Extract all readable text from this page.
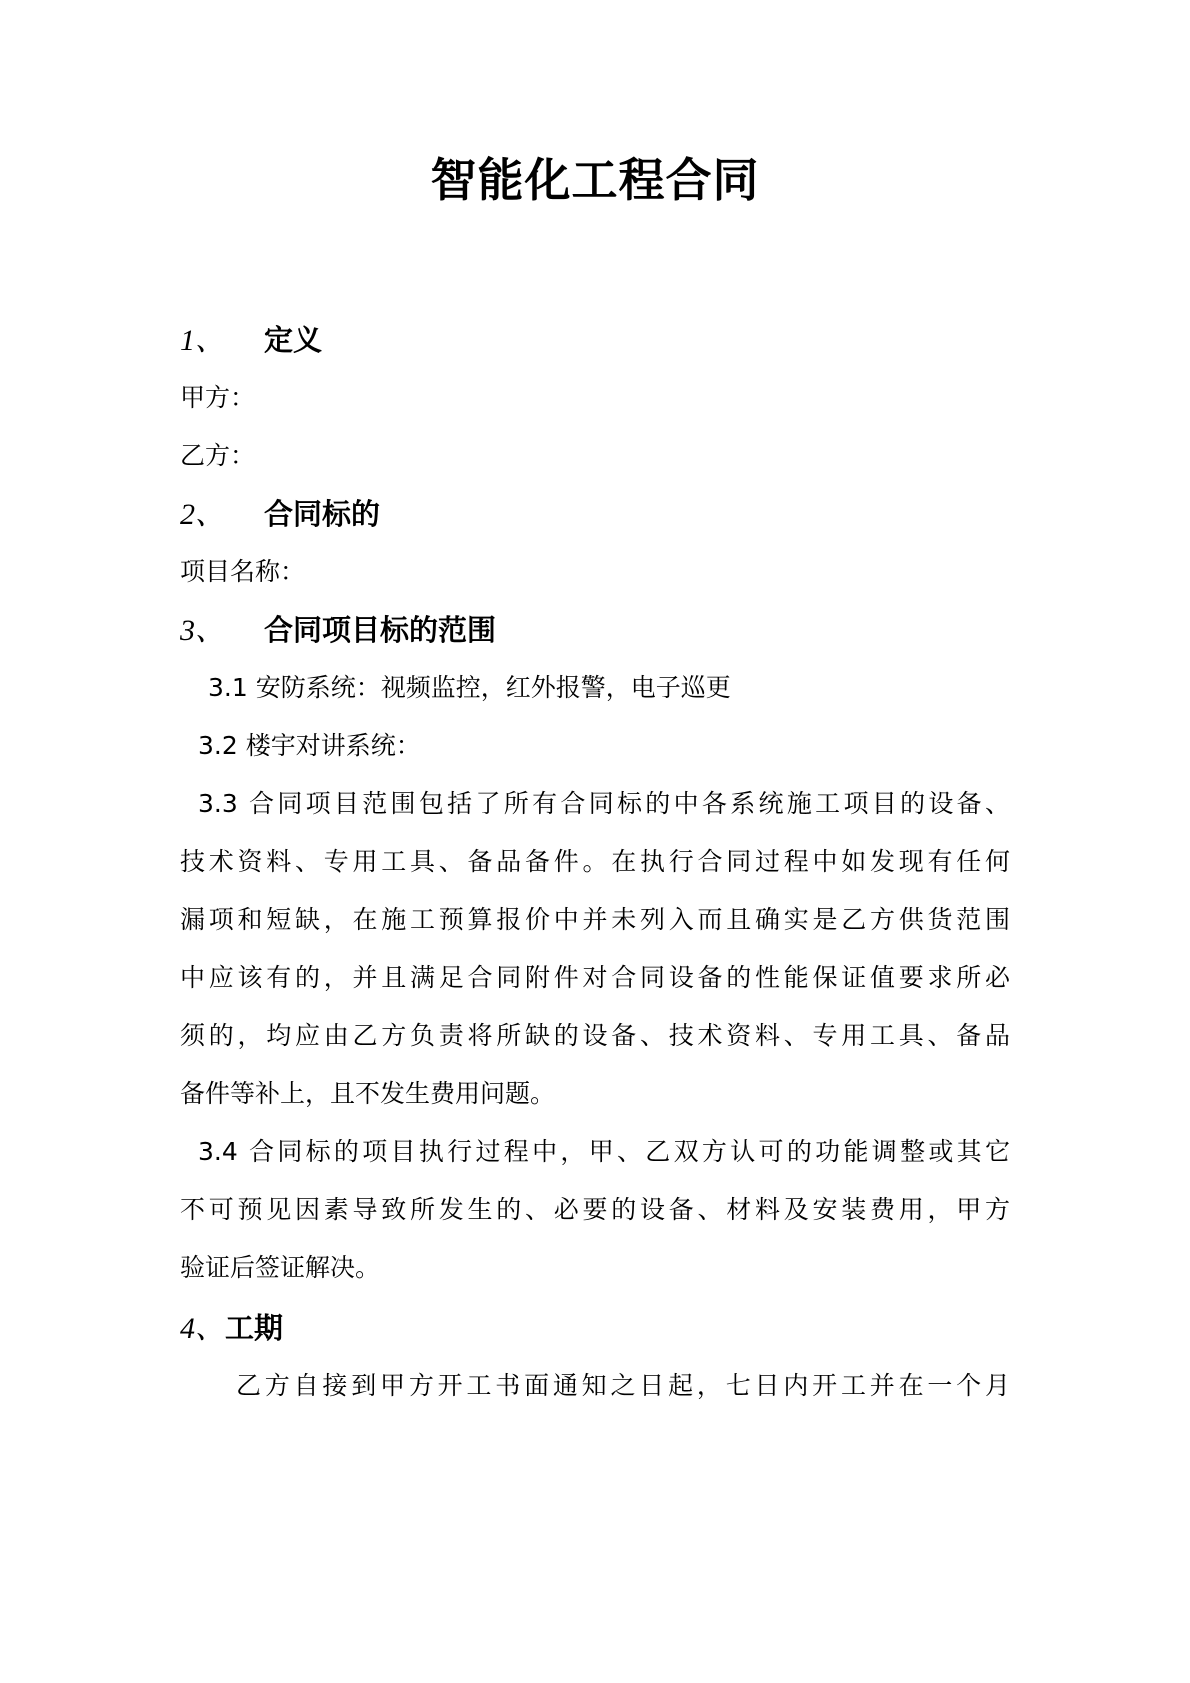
智能化工程合同
1、 定义
甲方：
乙方：
2、 合同标的
项目名称：
3、 合同项目标的范围
3.1 安防系统：视频监控，红外报警，电子巡更
3.2 楼宇对讲系统：
3.3 合同项目范围包括了所有合同标的中各系统施工项目的设备、
技术资料、专用工具、备品备件。在执行合同过程中如发现有任何
漏项和短缺，在施工预算报价中并未列入而且确实是乙方供货范围
中应该有的，并且满足合同附件对合同设备的性能保证值要求所必
须的，均应由乙方负责将所缺的设备、技术资料、专用工具、备品
备件等补上，且不发生费用问题。
3.4 合同标的项目执行过程中，甲、乙双方认可的功能调整或其它
不可预见因素导致所发生的、必要的设备、材料及安装费用，甲方
验证后签证解决。
4、工期
乙方自接到甲方开工书面通知之日起，七日内开工并在一个月
